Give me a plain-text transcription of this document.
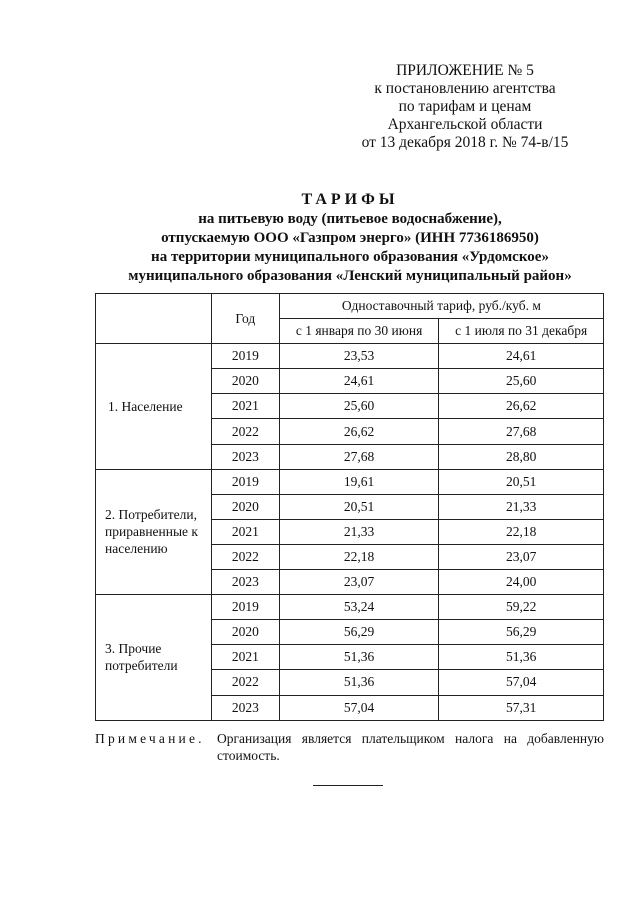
ПРИЛОЖЕНИЕ № 5
к постановлению агентства
по тарифам и ценам
Архангельской области
от 13 декабря 2018 г. № 74-в/15
ТАРИФЫ
на питьевую воду (питьевое водоснабжение),
отпускаемую ООО «Газпром энерго» (ИНН 7736186950)
на территории муниципального образования «Урдомское»
муниципального образования «Ленский муниципальный район»
	Год	Одноставочный тариф, руб./куб. м	
		с 1 января по 30 июня	с 1 июля по 31 декабря
1. Население	2019	23,53	24,61
	2020	24,61	25,60
	2021	25,60	26,62
	2022	26,62	27,68
	2023	27,68	28,80
2. Потребители, приравненные к населению	2019	19,61	20,51
	2020	20,51	21,33
	2021	21,33	22,18
	2022	22,18	23,07
	2023	23,07	24,00
3. Прочие потребители	2019	53,24	59,22
	2020	56,29	56,29
	2021	51,36	51,36
	2022	51,36	57,04
	2023	57,04	57,31
Примечание. Организация является плательщиком налога на добавленную стоимость.
